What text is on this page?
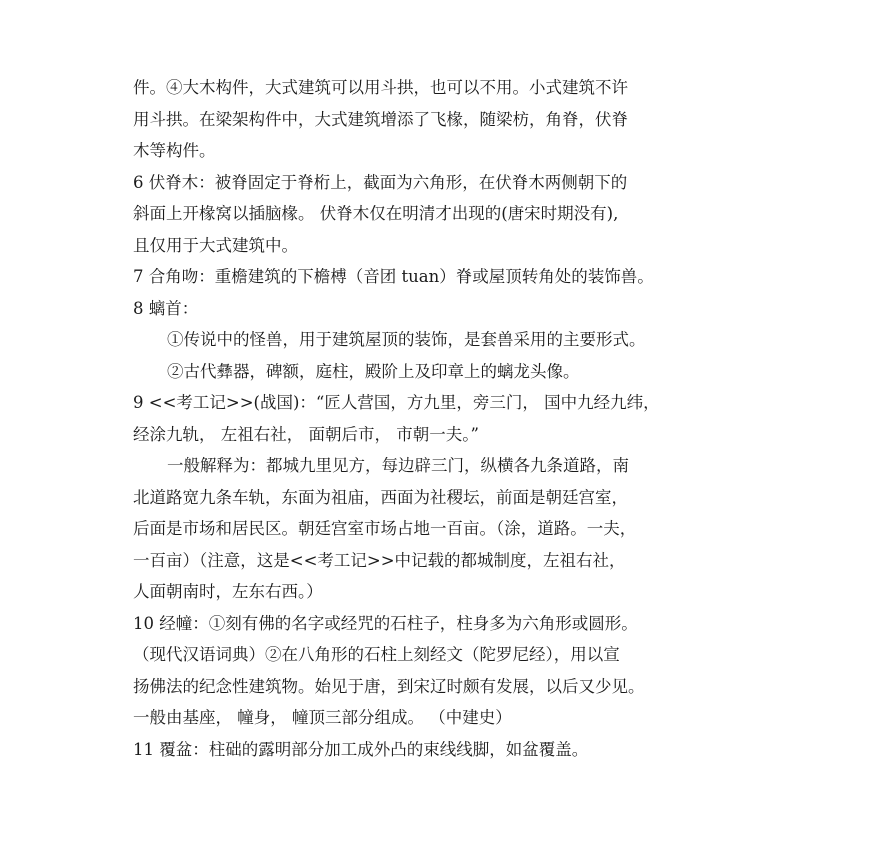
件。④大木构件，大式建筑可以用斗拱，也可以不用。小式建筑不许
用斗拱。在梁架构件中，大式建筑增添了飞椽，随梁枋，角脊，伏脊
木等构件。
6 伏脊木：被脊固定于脊桁上，截面为六角形，在伏脊木两侧朝下的
斜面上开椽窝以插脑椽。 伏脊木仅在明清才出现的(唐宋时期没有),
且仅用于大式建筑中。
7 合角吻：重檐建筑的下檐榑（音团 tuan）脊或屋顶转角处的装饰兽。
8 螭首：
①传说中的怪兽，用于建筑屋顶的装饰，是套兽采用的主要形式。
②古代彝器，碑额，庭柱，殿阶上及印章上的螭龙头像。
9 <<考工记>>(战国)：“匠人营国，方九里，旁三门， 国中九经九纬，
经涂九轨， 左祖右社， 面朝后市， 市朝一夫。”
一般解释为：都城九里见方，每边辟三门，纵横各九条道路，南
北道路宽九条车轨，东面为祖庙，西面为社稷坛，前面是朝廷宫室，
后面是市场和居民区。朝廷宫室市场占地一百亩。（涂，道路。一夫，
一百亩）（注意，这是<<考工记>>中记载的都城制度，左祖右社，
人面朝南时，左东右西。）
10 经幢：①刻有佛的名字或经咒的石柱子，柱身多为六角形或圆形。
（现代汉语词典）②在八角形的石柱上刻经文（陀罗尼经），用以宣
扬佛法的纪念性建筑物。始见于唐，到宋辽时颇有发展，以后又少见。
一般由基座， 幢身， 幢顶三部分组成。 （中建史）
11 覆盆：柱础的露明部分加工成外凸的束线线脚，如盆覆盖。
